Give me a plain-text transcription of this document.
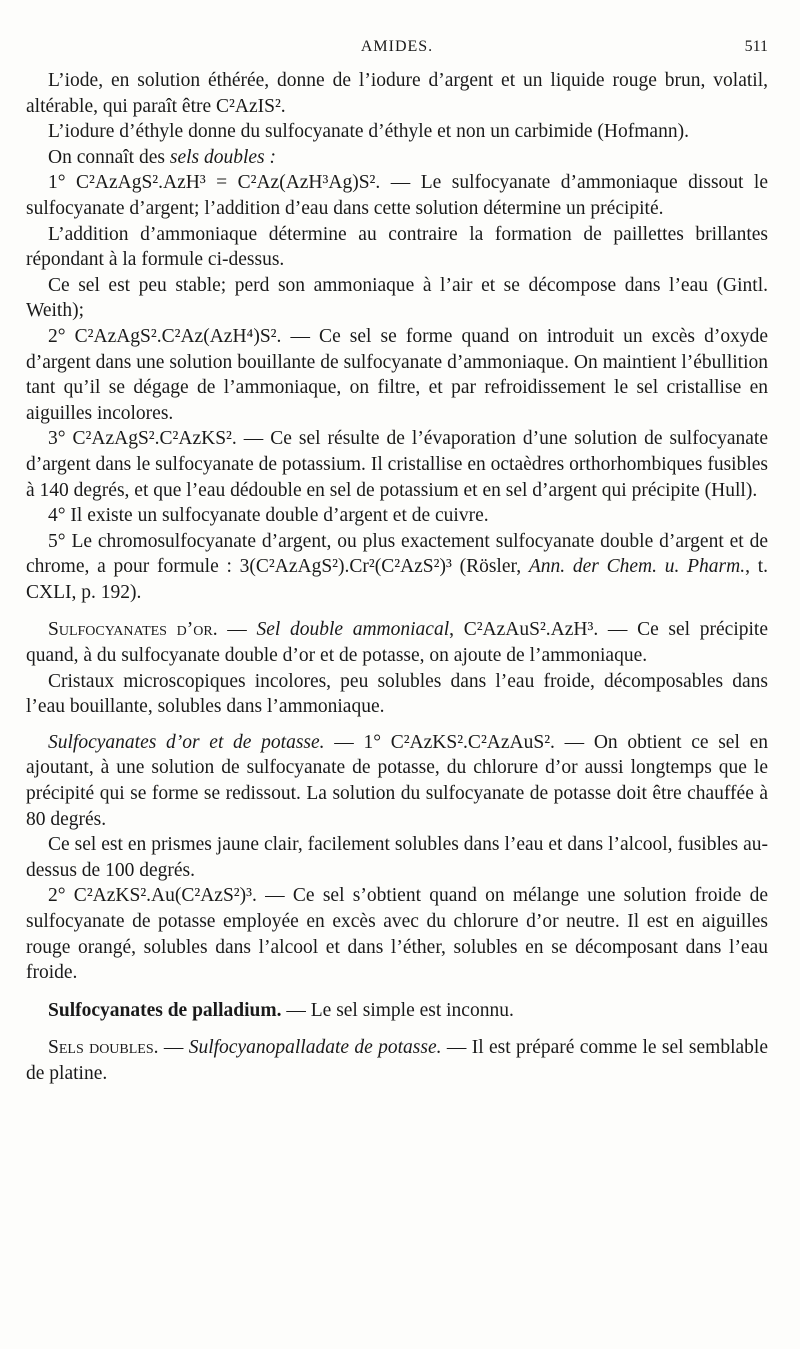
AMIDES.	511

L’iode, en solution éthérée, donne de l’iodure d’argent et un liquide rouge brun, volatil, altérable, qui paraît être C²AzIS².

L’iodure d’éthyle donne du sulfocyanate d’éthyle et non un carbimide (Hofmann).

On connaît des sels doubles :

1° C²AzAgS².AzH³ = C²Az(AzH³Ag)S². — Le sulfocyanate d’ammoniaque dissout le sulfocyanate d’argent; l’addition d’eau dans cette solution détermine un précipité.

L’addition d’ammoniaque détermine au contraire la formation de paillettes brillantes répondant à la formule ci-dessus.

Ce sel est peu stable; perd son ammoniaque à l’air et se décompose dans l’eau (Gintl. Weith);

2° C²AzAgS².C²Az(AzH⁴)S². — Ce sel se forme quand on introduit un excès d’oxyde d’argent dans une solution bouillante de sulfocyanate d’ammoniaque. On maintient l’ébullition tant qu’il se dégage de l’ammoniaque, on filtre, et par refroidissement le sel cristallise en aiguilles incolores.

3° C²AzAgS².C²AzKS². — Ce sel résulte de l’évaporation d’une solution de sulfocyanate d’argent dans le sulfocyanate de potassium. Il cristallise en octaèdres orthorhombiques fusibles à 140 degrés, et que l’eau dédouble en sel de potassium et en sel d’argent qui précipite (Hull).

4° Il existe un sulfocyanate double d’argent et de cuivre.

5° Le chromosulfocyanate d’argent, ou plus exactement sulfocyanate double d’argent et de chrome, a pour formule : 3(C²AzAgS²).Cr²(C²AzS²)³ (Rösler, Ann. der Chem. u. Pharm., t. CXLI, p. 192).

Sulfocyanates d’or. — Sel double ammoniacal, C²AzAuS².AzH³. — Ce sel précipite quand, à du sulfocyanate double d’or et de potasse, on ajoute de l’ammoniaque.

Cristaux microscopiques incolores, peu solubles dans l’eau froide, décomposables dans l’eau bouillante, solubles dans l’ammoniaque.

Sulfocyanates d’or et de potasse. — 1° C²AzKS².C²AzAuS². — On obtient ce sel en ajoutant, à une solution de sulfocyanate de potasse, du chlorure d’or aussi longtemps que le précipité qui se forme se redissout. La solution du sulfocyanate de potasse doit être chauffée à 80 degrés.

Ce sel est en prismes jaune clair, facilement solubles dans l’eau et dans l’alcool, fusibles au-dessus de 100 degrés.

2° C²AzKS².Au(C²AzS²)³. — Ce sel s’obtient quand on mélange une solution froide de sulfocyanate de potasse employée en excès avec du chlorure d’or neutre. Il est en aiguilles rouge orangé, solubles dans l’alcool et dans l’éther, solubles en se décomposant dans l’eau froide.

Sulfocyanates de palladium. — Le sel simple est inconnu.

Sels doubles. — Sulfocyanopalladate de potasse. — Il est préparé comme le sel semblable de platine.
